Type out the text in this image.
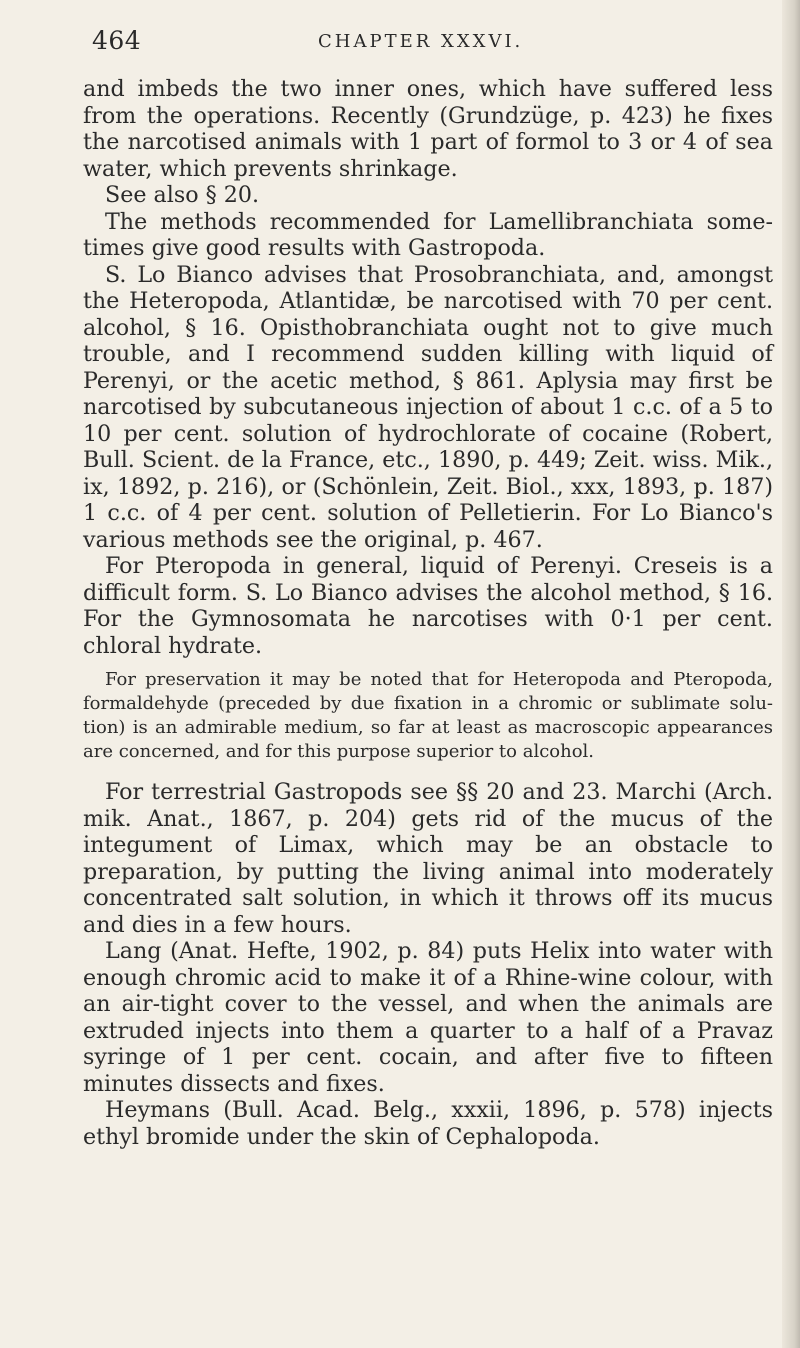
464	CHAPTER XXXVI.

and imbeds the two inner ones, which have suffered less from the operations. Recently (Grundzüge, p. 423) he fixes the narcotised animals with 1 part of formol to 3 or 4 of sea water, which prevents shrinkage.

See also § 20.

The methods recommended for Lamellibranchiata some-times give good results with Gastropoda.

S. Lo Bianco advises that Prosobranchiata, and, amongst the Heteropoda, Atlantidæ, be narcotised with 70 per cent. alcohol, § 16. Opisthobranchiata ought not to give much trouble, and I recommend sudden killing with liquid of Perenyi, or the acetic method, § 861. Aplysia may first be narcotised by subcutaneous injection of about 1 c.c. of a 5 to 10 per cent. solution of hydrochlorate of cocaine (Robert, Bull. Scient. de la France, etc., 1890, p. 449; Zeit. wiss. Mik., ix, 1892, p. 216), or (Schönlein, Zeit. Biol., xxx, 1893, p. 187) 1 c.c. of 4 per cent. solution of Pelletierin. For Lo Bianco's various methods see the original, p. 467.

For Pteropoda in general, liquid of Perenyi. Creseis is a difficult form. S. Lo Bianco advises the alcohol method, § 16. For the Gymnosomata he narcotises with 0·1 per cent. chloral hydrate.

For preservation it may be noted that for Heteropoda and Pteropoda, formaldehyde (preceded by due fixation in a chromic or sublimate solu-tion) is an admirable medium, so far at least as macroscopic appearances are concerned, and for this purpose superior to alcohol.

For terrestrial Gastropods see §§ 20 and 23. Marchi (Arch. mik. Anat., 1867, p. 204) gets rid of the mucus of the integument of Limax, which may be an obstacle to preparation, by putting the living animal into moderately concentrated salt solution, in which it throws off its mucus and dies in a few hours.

Lang (Anat. Hefte, 1902, p. 84) puts Helix into water with enough chromic acid to make it of a Rhine-wine colour, with an air-tight cover to the vessel, and when the animals are extruded injects into them a quarter to a half of a Pravaz syringe of 1 per cent. cocain, and after five to fifteen minutes dissects and fixes.

Heymans (Bull. Acad. Belg., xxxii, 1896, p. 578) injects ethyl bromide under the skin of Cephalopoda.
